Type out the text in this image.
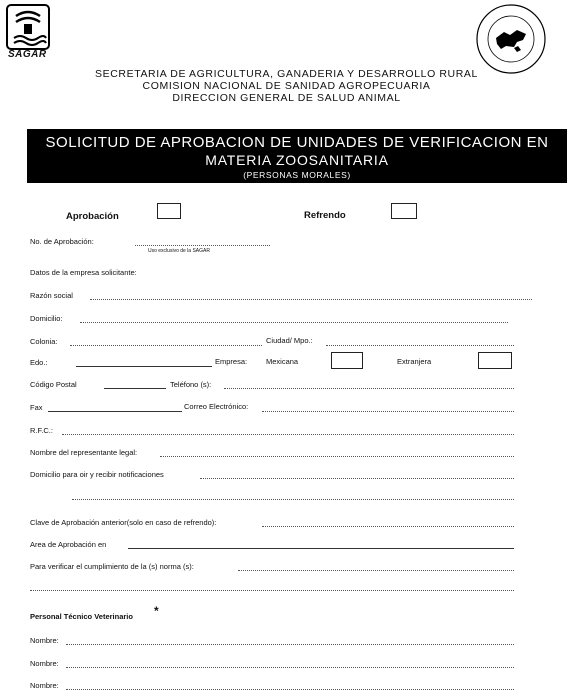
SAGAR
SECRETARIA DE AGRICULTURA, GANADERIA Y DESARROLLO RURAL
COMISION NACIONAL DE SANIDAD AGROPECUARIA
DIRECCION GENERAL DE SALUD ANIMAL
SOLICITUD DE APROBACION DE UNIDADES DE VERIFICACION EN
MATERIA ZOOSANITARIA
(PERSONAS MORALES)
Aprobación	Refrendo
No. de Aprobación:
Uso exclusivo de la SAGAR
Datos de la empresa solicitante:
Razón social
Domicilio:
Colonia:	Ciudad/ Mpo.:
Edo.:	Empresa:	Mexicana	Extranjera
Código Postal	Teléfono (s):
Fax	Correo Electrónico:
R.F.C.:
Nombre del representante legal:
Domicilio para oir y recibir notificaciones
Clave de Aprobación anterior(solo en caso de refrendo):
Area de Aprobación en
Para verificar el cumplimiento de la (s) norma (s):
Personal Técnico Veterinario *
Nombre:
Nombre:
Nombre:
